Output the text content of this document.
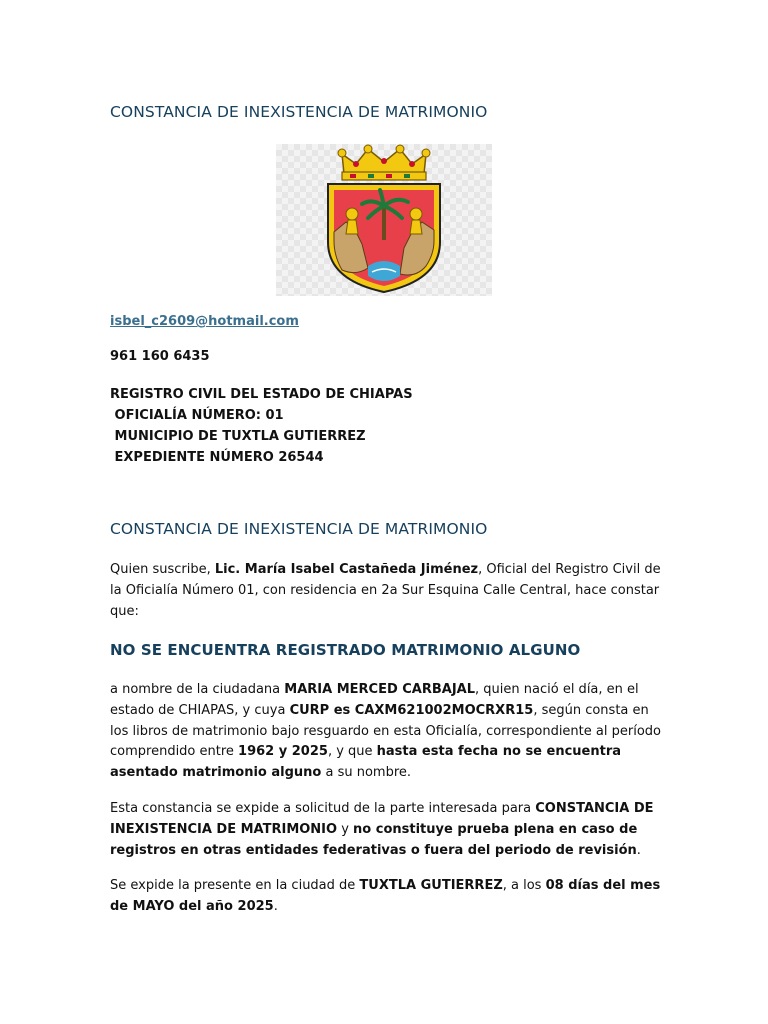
CONSTANCIA DE INEXISTENCIA DE MATRIMONIO
isbel_c2609@hotmail.com
961 160 6435
REGISTRO CIVIL DEL ESTADO DE CHIAPAS
OFICIALÍA NÚMERO: 01
MUNICIPIO DE TUXTLA GUTIERREZ
EXPEDIENTE NÚMERO 26544
CONSTANCIA DE INEXISTENCIA DE MATRIMONIO

Quien suscribe, Lic. María Isabel Castañeda Jiménez, Oficial del Registro Civil de la Oficialía Número 01, con residencia en 2a Sur Esquina Calle Central, hace constar que:

NO SE ENCUENTRA REGISTRADO MATRIMONIO ALGUNO

a nombre de la ciudadana MARIA MERCED CARBAJAL, quien nació el día, en el estado de CHIAPAS, y cuya CURP es CAXM621002MOCRXR15, según consta en los libros de matrimonio bajo resguardo en esta Oficialía, correspondiente al período comprendido entre 1962 y 2025, y que hasta esta fecha no se encuentra asentado matrimonio alguno a su nombre.

Esta constancia se expide a solicitud de la parte interesada para CONSTANCIA DE INEXISTENCIA DE MATRIMONIO y no constituye prueba plena en caso de registros en otras entidades federativas o fuera del periodo de revisión.

Se expide la presente en la ciudad de TUXTLA GUTIERREZ, a los 08 días del mes de MAYO del año 2025.
